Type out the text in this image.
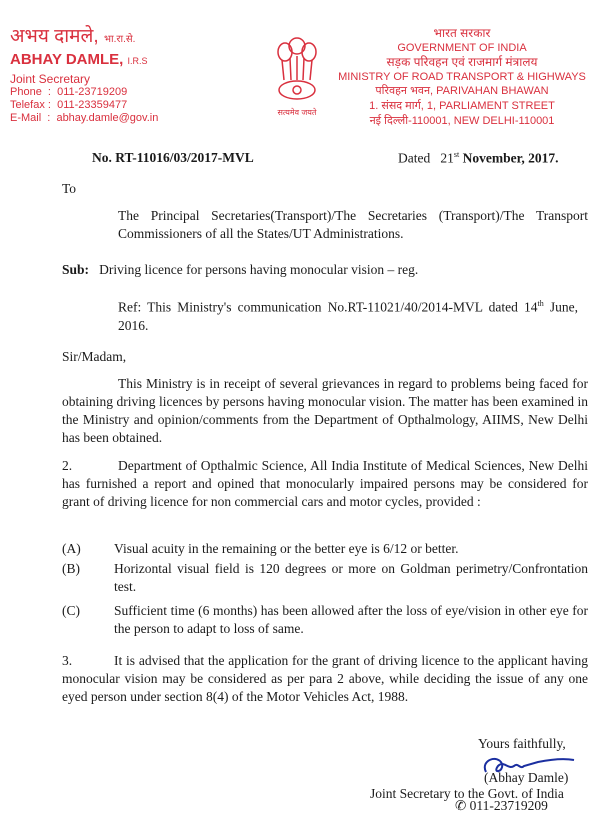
अभय दामले, भा.रा.से.
ABHAY DAMLE, I.R.S
Joint Secretary
Phone  :  011-23719209
Telefax :  011-23359477
E-Mail  :  abhay.damle@gov.in	सत्यमेव जयते
भारत सरकार
GOVERNMENT OF INDIA
सड़क परिवहन एवं राजमार्ग मंत्रालय
MINISTRY OF ROAD TRANSPORT & HIGHWAYS
परिवहन भवन, PARIVAHAN BHAWAN
1. संसद मार्ग, 1, PARLIAMENT STREET
नई दिल्ली-110001, NEW DELHI-110001
No. RT-11016/03/2017-MVL	Dated 21st November, 2017.
To
The Principal Secretaries(Transport)/The Secretaries (Transport)/The Transport Commissioners of all the States/UT Administrations.
Sub: Driving licence for persons having monocular vision – reg.
Ref: This Ministry's communication No.RT-11021/40/2014-MVL dated 14th June, 2016.
Sir/Madam,
This Ministry is in receipt of several grievances in regard to problems being faced for obtaining driving licences by persons having monocular vision. The matter has been examined in the Ministry and opinion/comments from the Department of Opthalmology, AIIMS, New Delhi has been obtained.
2.	Department of Opthalmic Science, All India Institute of Medical Sciences, New Delhi has furnished a report and opined that monocularly impaired persons may be considered for grant of driving licence for non commercial cars and motor cycles, provided :
(A)	Visual acuity in the remaining or the better eye is 6/12 or better.
(B)	Horizontal visual field is 120 degrees or more on Goldman perimetry/Confrontation test.
(C)	Sufficient time (6 months) has been allowed after the loss of eye/vision in other eye for the person to adapt to loss of same.
3.	It is advised that the application for the grant of driving licence to the applicant having monocular vision may be considered as per para 2 above, while deciding the issue of any one eyed person under section 8(4) of the Motor Vehicles Act, 1988.
Yours faithfully,
(Abhay Damle)
Joint Secretary to the Govt. of India
✆ 011-23719209
